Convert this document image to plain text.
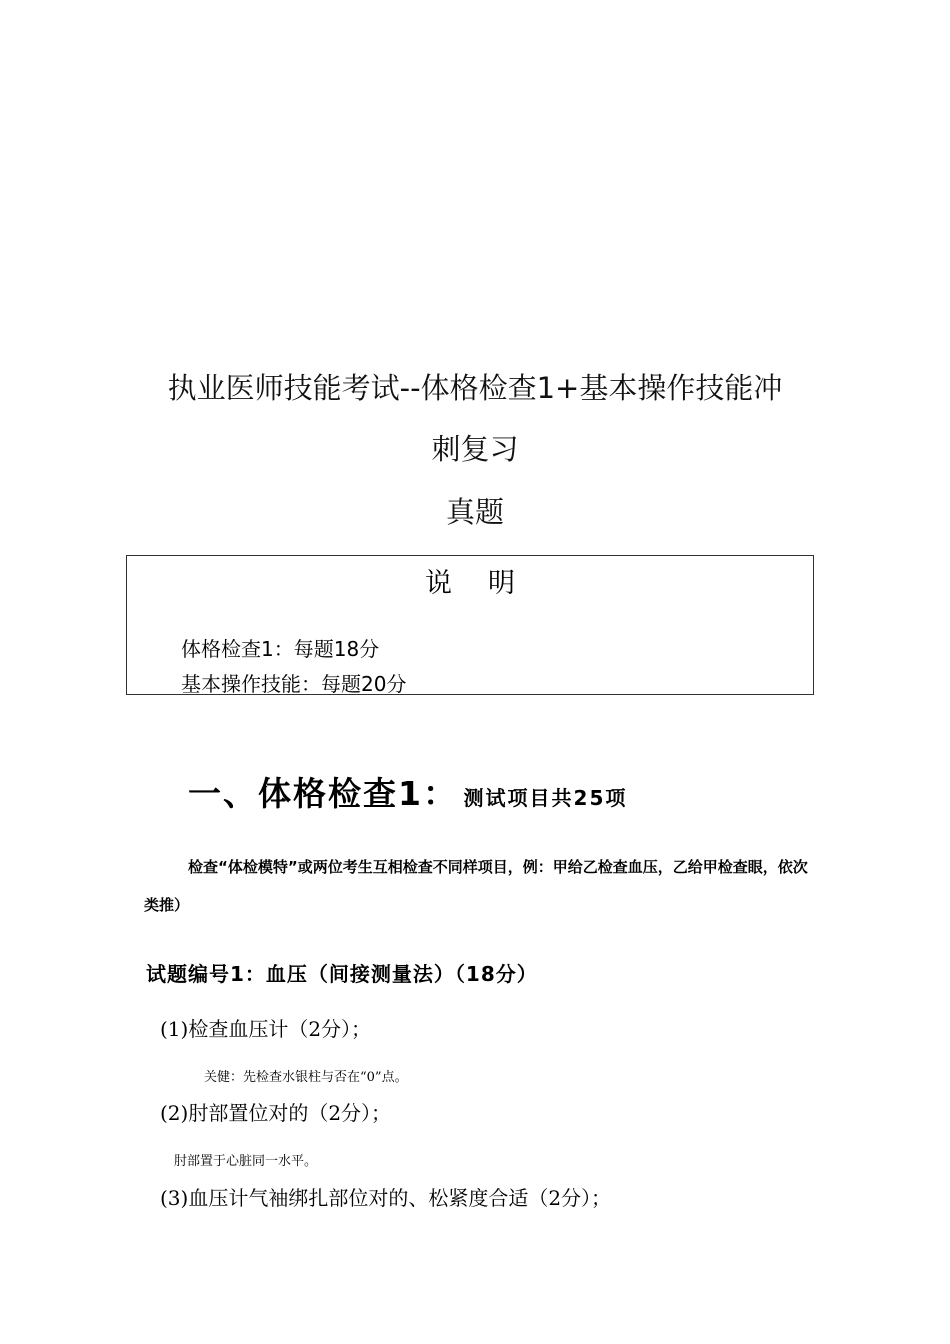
执业医师技能考试--体格检查1+基本操作技能冲
刺复习
真题
说明
体格检查1：每题18分
基本操作技能：每题20分
一、体格检查1： 测试项目共25项
检查“体检模特”或两位考生互相检查不同样项目，例：甲给乙检查血压，乙给甲检查眼，依次类推）
试题编号1：血压（间接测量法）（18分）
(1)检查血压计（2分）；
关健：先检查水银柱与否在“0”点。
(2)肘部置位对的（2分）；
肘部置于心脏同一水平。
(3)血压计气袖绑扎部位对的、松紧度合适（2分）；
